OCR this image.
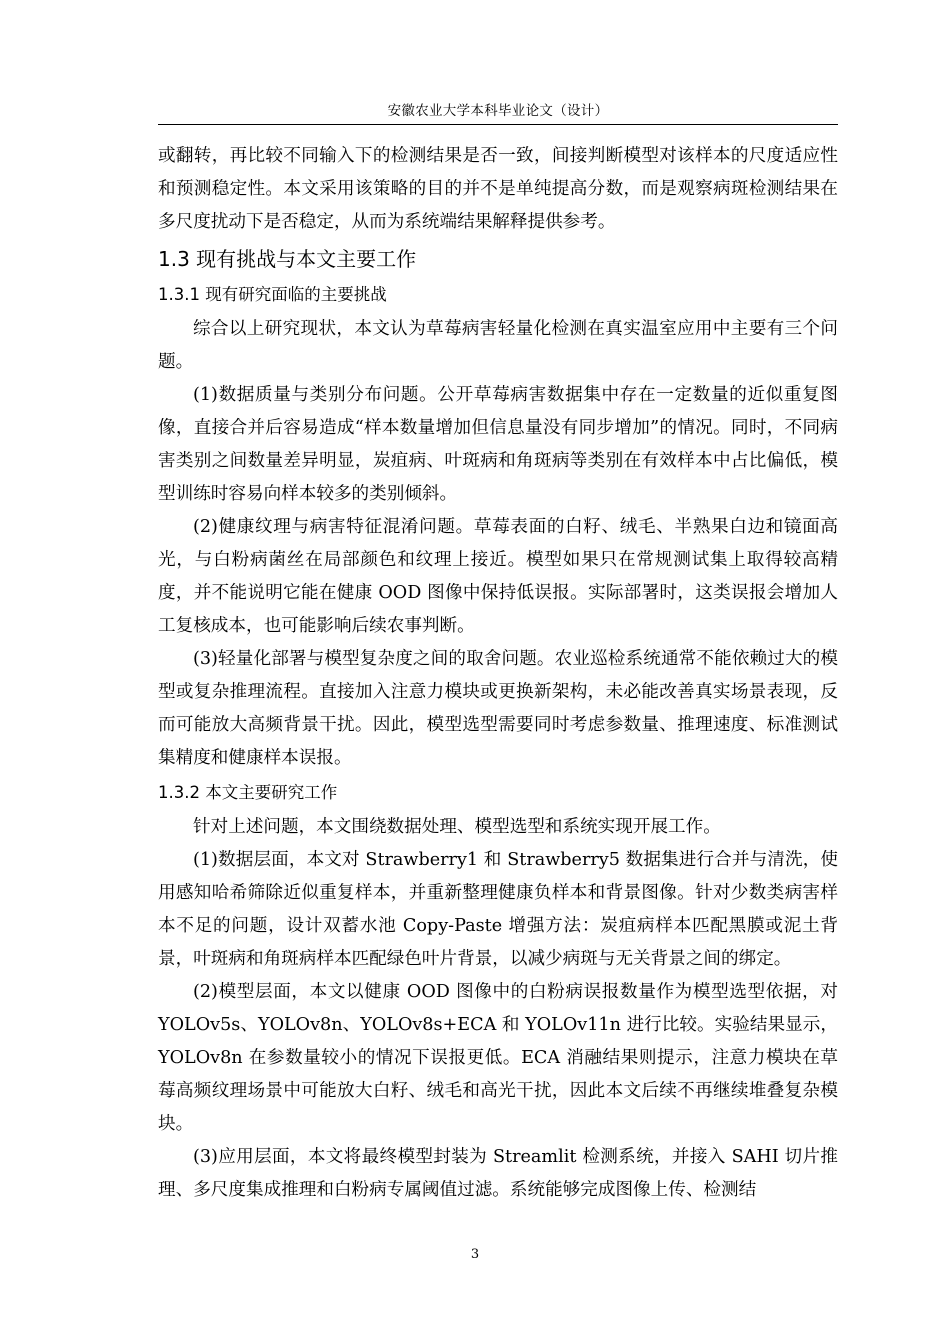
安徽农业大学本科毕业论文（设计）

或翻转，再比较不同输入下的检测结果是否一致，间接判断模型对该样本的尺度适应性和预测稳定性。本文采用该策略的目的并不是单纯提高分数，而是观察病斑检测结果在多尺度扰动下是否稳定，从而为系统端结果解释提供参考。

1.3 现有挑战与本文主要工作
1.3.1 现有研究面临的主要挑战

综合以上研究现状，本文认为草莓病害轻量化检测在真实温室应用中主要有三个问题。

(1)数据质量与类别分布问题。公开草莓病害数据集中存在一定数量的近似重复图像，直接合并后容易造成“样本数量增加但信息量没有同步增加”的情况。同时，不同病害类别之间数量差异明显，炭疽病、叶斑病和角斑病等类别在有效样本中占比偏低，模型训练时容易向样本较多的类别倾斜。

(2)健康纹理与病害特征混淆问题。草莓表面的白籽、绒毛、半熟果白边和镜面高光，与白粉病菌丝在局部颜色和纹理上接近。模型如果只在常规测试集上取得较高精度，并不能说明它能在健康 OOD 图像中保持低误报。实际部署时，这类误报会增加人工复核成本，也可能影响后续农事判断。

(3)轻量化部署与模型复杂度之间的取舍问题。农业巡检系统通常不能依赖过大的模型或复杂推理流程。直接加入注意力模块或更换新架构，未必能改善真实场景表现，反而可能放大高频背景干扰。因此，模型选型需要同时考虑参数量、推理速度、标准测试集精度和健康样本误报。

1.3.2 本文主要研究工作

针对上述问题，本文围绕数据处理、模型选型和系统实现开展工作。

(1)数据层面，本文对 Strawberry1 和 Strawberry5 数据集进行合并与清洗，使用感知哈希筛除近似重复样本，并重新整理健康负样本和背景图像。针对少数类病害样本不足的问题，设计双蓄水池 Copy-Paste 增强方法：炭疽病样本匹配黑膜或泥土背景，叶斑病和角斑病样本匹配绿色叶片背景，以减少病斑与无关背景之间的绑定。

(2)模型层面，本文以健康 OOD 图像中的白粉病误报数量作为模型选型依据，对 YOLOv5s、YOLOv8n、YOLOv8s+ECA 和 YOLOv11n 进行比较。实验结果显示，YOLOv8n 在参数量较小的情况下误报更低。ECA 消融结果则提示，注意力模块在草莓高频纹理场景中可能放大白籽、绒毛和高光干扰，因此本文后续不再继续堆叠复杂模块。

(3)应用层面，本文将最终模型封装为 Streamlit 检测系统，并接入 SAHI 切片推理、多尺度集成推理和白粉病专属阈值过滤。系统能够完成图像上传、检测结

3
